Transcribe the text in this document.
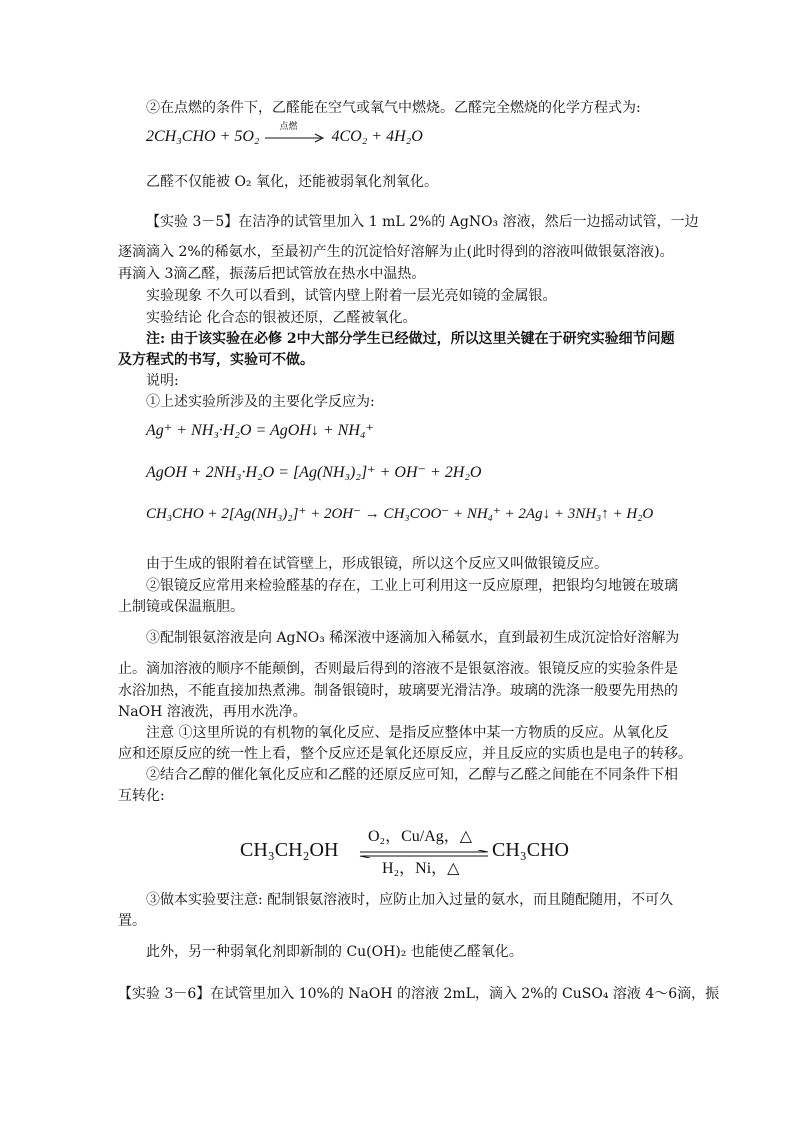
②在点燃的条件下，乙醛能在空气或氧气中燃烧。乙醛完全燃烧的化学方程式为:
2CH₃CHO + 5O₂
点燃
4CO₂ + 4H₂O
乙醛不仅能被 O₂ 氧化，还能被弱氧化剂氧化。
【实验 3－5】在洁净的试管里加入 1 mL 2%的 AgNO₃ 溶液，然后一边摇动试管，一边
逐滴滴入 2%的稀氨水，至最初产生的沉淀恰好溶解为止(此时得到的溶液叫做银氨溶液)。
再滴入 3滴乙醛，振荡后把试管放在热水中温热。
实验现象 不久可以看到，试管内壁上附着一层光亮如镜的金属银。
实验结论 化合态的银被还原，乙醛被氧化。
注: 由于该实验在必修 2中大部分学生已经做过，所以这里关键在于研究实验细节问题
及方程式的书写，实验可不做。
说明:
①上述实验所涉及的主要化学反应为:
Ag⁺ + NH₃·H₂O = AgOH↓ + NH₄⁺
AgOH + 2NH₃·H₂O = [Ag(NH₃)₂]⁺ + OH⁻ + 2H₂O
CH₃CHO + 2[Ag(NH₃)₂]⁺ + 2OH⁻ → CH₃COO⁻ + NH₄⁺ + 2Ag↓ + 3NH₃↑ + H₂O
由于生成的银附着在试管壁上，形成银镜，所以这个反应又叫做银镜反应。
②银镜反应常用来检验醛基的存在，工业上可利用这一反应原理，把银均匀地镀在玻璃
上制镜或保温瓶胆。
③配制银氨溶液是向 AgNO₃ 稀深液中逐滴加入稀氨水，直到最初生成沉淀恰好溶解为
止。滴加溶液的顺序不能颠倒，否则最后得到的溶液不是银氨溶液。银镜反应的实验条件是
水浴加热，不能直接加热煮沸。制备银镜时，玻璃要光滑洁净。玻璃的洗涤一般要先用热的
NaOH 溶液洗，再用水洗净。
注意 ①这里所说的有机物的氧化反应、是指反应整体中某一方物质的反应。从氧化反
应和还原反应的统一性上看，整个反应还是氧化还原反应，并且反应的实质也是电子的转移。
②结合乙醇的催化氧化反应和乙醛的还原反应可知，乙醇与乙醛之间能在不同条件下相
互转化:
CH₃CH₂OH
O₂，Cu/Ag，△
H₂，Ni，△
CH₃CHO
③做本实验要注意: 配制银氨溶液时，应防止加入过量的氨水，而且随配随用，不可久
置。
此外，另一种弱氧化剂即新制的 Cu(OH)₂ 也能使乙醛氧化。
【实验 3－6】在试管里加入 10%的 NaOH 的溶液 2mL，滴入 2%的 CuSO₄ 溶液 4～6滴，振
